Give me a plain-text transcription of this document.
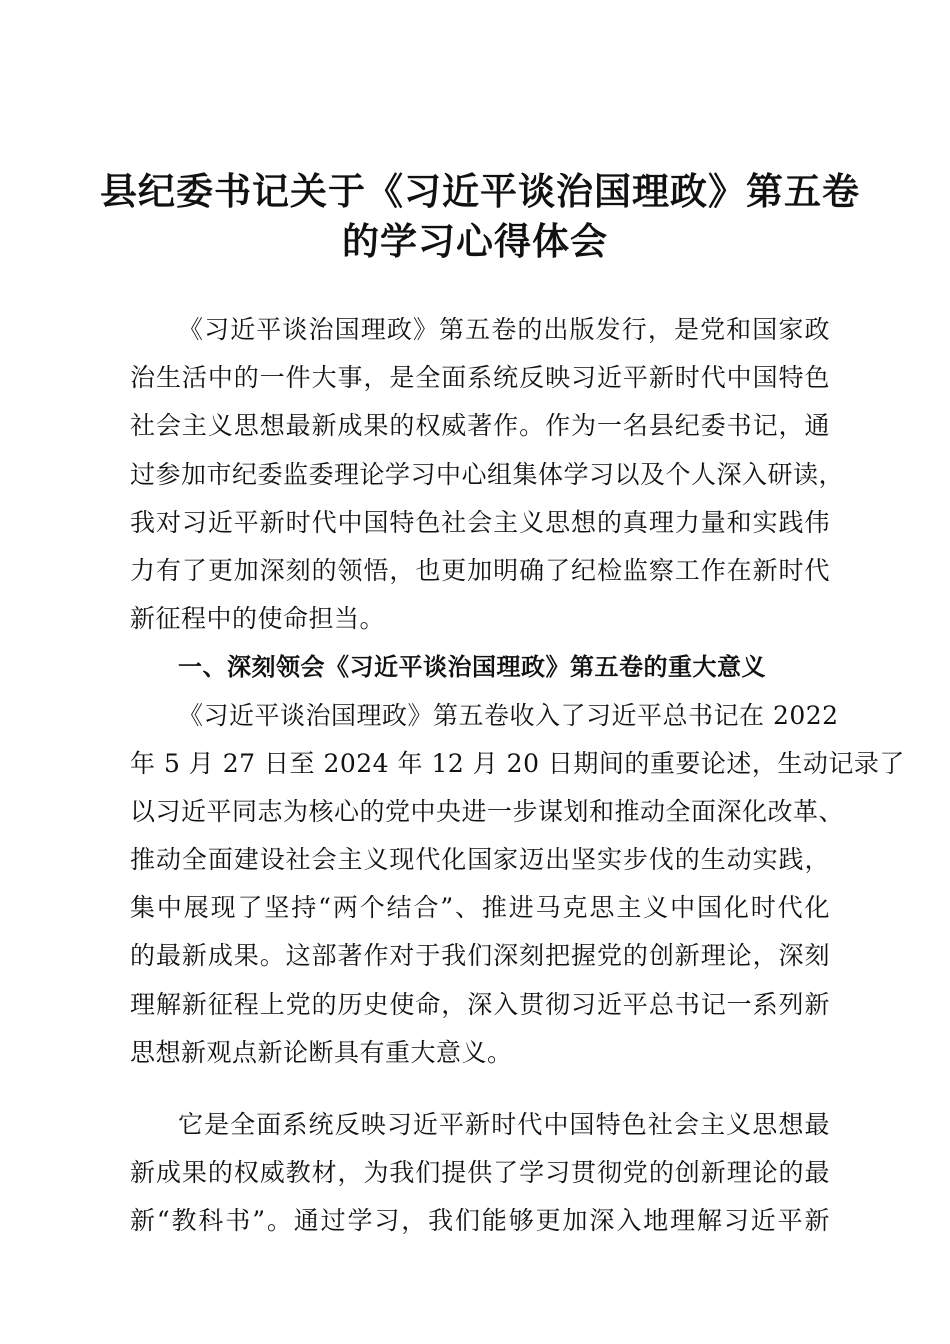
县纪委书记关于《习近平谈治国理政》第五卷
的学习心得体会
《习近平谈治国理政》第五卷的出版发行，是党和国家政
治生活中的一件大事，是全面系统反映习近平新时代中国特色
社会主义思想最新成果的权威著作。作为一名县纪委书记，通
过参加市纪委监委理论学习中心组集体学习以及个人深入研读，
我对习近平新时代中国特色社会主义思想的真理力量和实践伟
力有了更加深刻的领悟，也更加明确了纪检监察工作在新时代
新征程中的使命担当。
一、深刻领会《习近平谈治国理政》第五卷的重大意义
《习近平谈治国理政》第五卷收入了习近平总书记在 2022
年 5 月 27 日至 2024 年 12 月 20 日期间的重要论述，生动记录了
以习近平同志为核心的党中央进一步谋划和推动全面深化改革、
推动全面建设社会主义现代化国家迈出坚实步伐的生动实践，
集中展现了坚持“两个结合”、推进马克思主义中国化时代化
的最新成果。这部著作对于我们深刻把握党的创新理论，深刻
理解新征程上党的历史使命，深入贯彻习近平总书记一系列新
思想新观点新论断具有重大意义。
它是全面系统反映习近平新时代中国特色社会主义思想最
新成果的权威教材，为我们提供了学习贯彻党的创新理论的最
新“教科书”。通过学习，我们能够更加深入地理解习近平新
